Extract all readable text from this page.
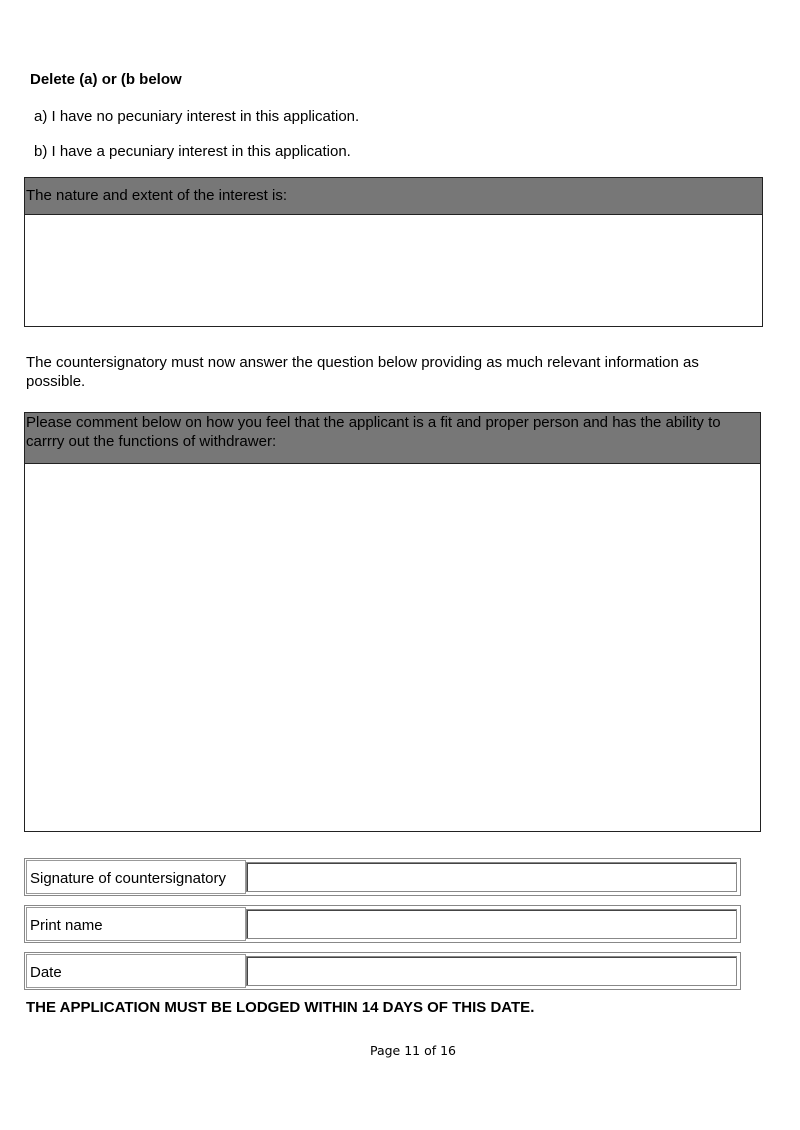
Delete (a) or (b below
a) I have no pecuniary interest in this application.
b) I have a pecuniary interest in this application.
The nature and extent of the interest is:
The countersignatory must now answer the question below providing as much relevant information as possible.
Please comment below on how you feel that the applicant is a fit and proper person and has the ability to carrry out the functions of withdrawer:
Signature of countersignatory
Print name
Date
THE APPLICATION MUST BE LODGED WITHIN 14 DAYS OF THIS DATE.
Page 11 of 16
